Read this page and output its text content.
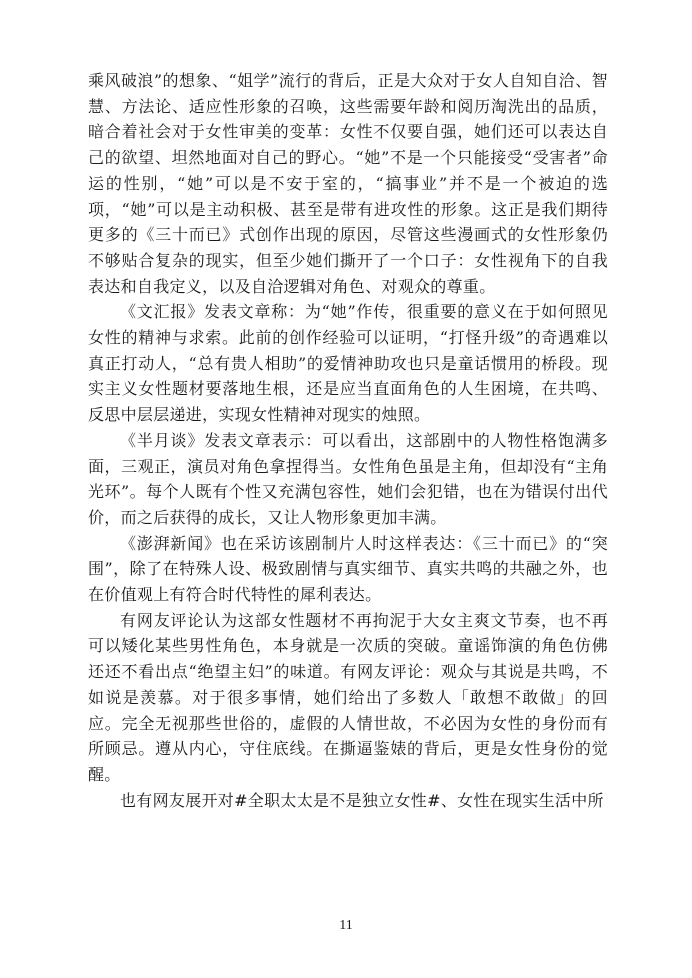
乘风破浪”的想象、“姐学”流行的背后，正是大众对于女人自知自洽、智慧、方法论、适应性形象的召唤，这些需要年龄和阅历淘洗出的品质，暗合着社会对于女性审美的变革：女性不仅要自强，她们还可以表达自己的欲望、坦然地面对自己的野心。“她”不是一个只能接受“受害者”命运的性别，“她”可以是不安于室的，“搞事业”并不是一个被迫的选项，“她”可以是主动积极、甚至是带有进攻性的形象。这正是我们期待更多的《三十而已》式创作出现的原因，尽管这些漫画式的女性形象仍不够贴合复杂的现实，但至少她们撕开了一个口子：女性视角下的自我表达和自我定义，以及自洽逻辑对角色、对观众的尊重。

《文汇报》发表文章称：为“她”作传，很重要的意义在于如何照见女性的精神与求索。此前的创作经验可以证明，“打怪升级”的奇遇难以真正打动人，“总有贵人相助”的爱情神助攻也只是童话惯用的桥段。现实主义女性题材要落地生根，还是应当直面角色的人生困境，在共鸣、反思中层层递进，实现女性精神对现实的烛照。

《半月谈》发表文章表示：可以看出，这部剧中的人物性格饱满多面，三观正，演员对角色拿捏得当。女性角色虽是主角，但却没有“主角光环”。每个人既有个性又充满包容性，她们会犯错，也在为错误付出代价，而之后获得的成长，又让人物形象更加丰满。

《澎湃新闻》也在采访该剧制片人时这样表达：《三十而已》的“突围”，除了在特殊人设、极致剧情与真实细节、真实共鸣的共融之外，也在价值观上有符合时代特性的犀利表达。

有网友评论认为这部女性题材不再拘泥于大女主爽文节奏，也不再可以矮化某些男性角色，本身就是一次质的突破。童谣饰演的角色仿佛还还不看出点“绝望主妇”的味道。有网友评论：观众与其说是共鸣，不如说是羡慕。对于很多事情，她们给出了多数人「敢想不敢做」的回应。完全无视那些世俗的，虚假的人情世故，不必因为女性的身份而有所顾忌。遵从内心，守住底线。在撕逼鉴婊的背后，更是女性身份的觉醒。

也有网友展开对#全职太太是不是独立女性#、女性在现实生活中所

11
